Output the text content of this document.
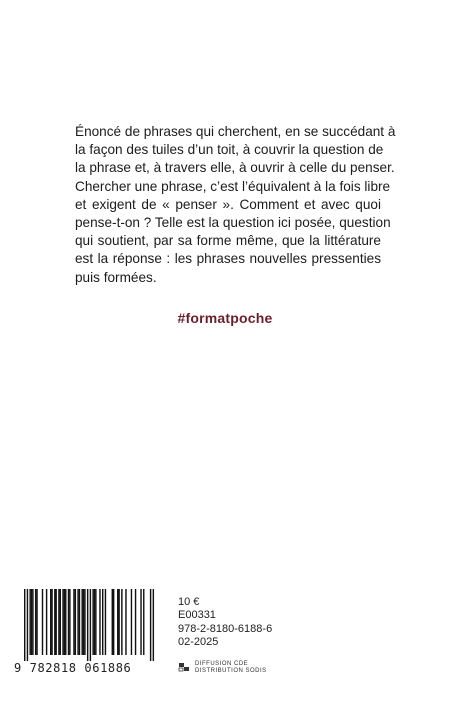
Énoncé de phrases qui cherchent, en se succédant à
la façon des tuiles d’un toit, à couvrir la question de
la phrase et, à travers elle, à ouvrir à celle du penser.
Chercher une phrase, c’est l’équivalent à la fois libre
et exigent de « penser ». Comment et avec quoi
pense-t-on ? Telle est la question ici posée, question
qui soutient, par sa forme même, que la littérature
est la réponse : les phrases nouvelles pressenties
puis formées.
#formatpoche
9 782818 061886
10 €
E00331
978-2-8180-6188-6
02-2025
DIFFUSION CDE
DISTRIBUTION SODIS
